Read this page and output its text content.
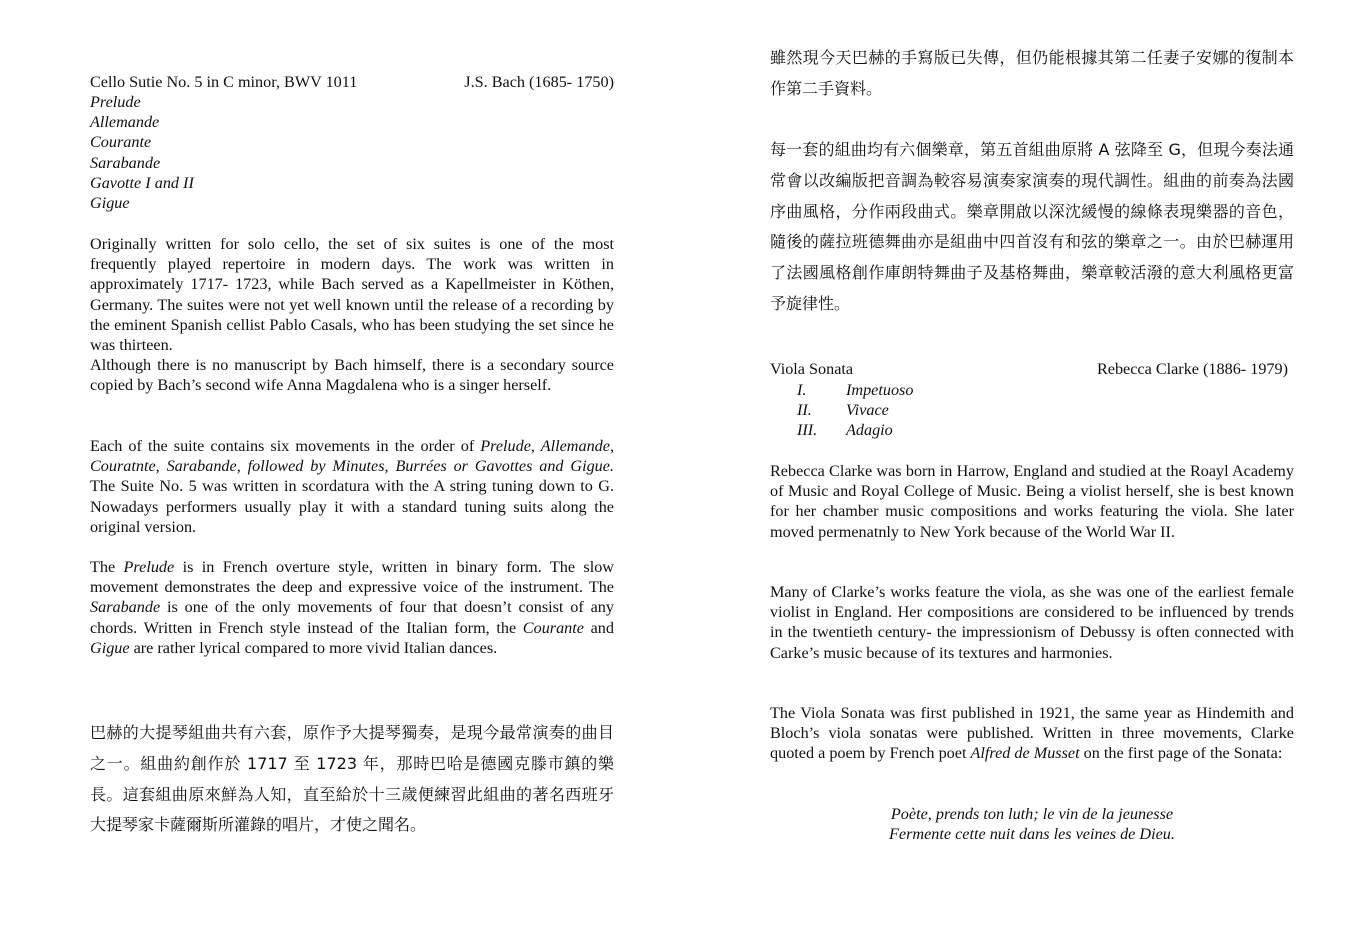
Cello Sutie No. 5 in C minor, BWV 1011	J.S. Bach (1685- 1750)
Prelude
Allemande
Courante
Sarabande
Gavotte I and II
Gigue
Originally written for solo cello, the set of six suites is one of the most frequently played repertoire in modern days. The work was written in approximately 1717- 1723, while Bach served as a Kapellmeister in Köthen, Germany. The suites were not yet well known until the release of a recording by the eminent Spanish cellist Pablo Casals, who has been studying the set since he was thirteen.
Although there is no manuscript by Bach himself, there is a secondary source copied by Bach’s second wife Anna Magdalena who is a singer herself.
Each of the suite contains six movements in the order of Prelude, Allemande, Couratnte, Sarabande, followed by Minutes, Burrées or Gavottes and Gigue. The Suite No. 5 was written in scordatura with the A string tuning down to G. Nowadays performers usually play it with a standard tuning suits along the original version.
The Prelude is in French overture style, written in binary form. The slow movement demonstrates the deep and expressive voice of the instrument. The Sarabande is one of the only movements of four that doesn’t consist of any chords. Written in French style instead of the Italian form, the Courante and Gigue are rather lyrical compared to more vivid Italian dances.
巴赫的大提琴組曲共有六套，原作予大提琴獨奏，是現今最常演奏的曲目之一。組曲約創作於 1717 至 1723 年，那時巴哈是德國克滕市鎮的樂長。這套組曲原來鮮為人知，直至給於十三歲便練習此組曲的著名西班牙大提琴家卡薩爾斯所灌錄的唱片，才使之聞名。
雖然現今天巴赫的手寫版已失傳，但仍能根據其第二任妻子安娜的復制本作第二手資料。
每一套的組曲均有六個樂章，第五首組曲原將 A 弦降至 G，但現今奏法通常會以改編版把音調為較容易演奏家演奏的現代調性。組曲的前奏為法國序曲風格，分作兩段曲式。樂章開啟以深沈緩慢的線條表現樂器的音色，隨後的薩拉班德舞曲亦是組曲中四首沒有和弦的樂章之一。由於巴赫運用了法國風格創作庫朗特舞曲子及基格舞曲，樂章較活潑的意大利風格更富予旋律性。
Viola Sonata	Rebecca Clarke (1886- 1979)
I.	Impetuoso
II.	Vivace
III.	Adagio
Rebecca Clarke was born in Harrow, England and studied at the Roayl Academy of Music and Royal College of Music. Being a violist herself, she is best known for her chamber music compositions and works featuring the viola. She later moved permenatnly to New York because of the World War II.
Many of Clarke’s works feature the viola, as she was one of the earliest female violist in England. Her compositions are considered to be influenced by trends in the twentieth century- the impressionism of Debussy is often connected with Carke’s music because of its textures and harmonies.
The Viola Sonata was first published in 1921, the same year as Hindemith and Bloch’s viola sonatas were published. Written in three movements, Clarke quoted a poem by French poet Alfred de Musset on the first page of the Sonata:
Poète, prends ton luth; le vin de la jeunesse
Fermente cette nuit dans les veines de Dieu.
